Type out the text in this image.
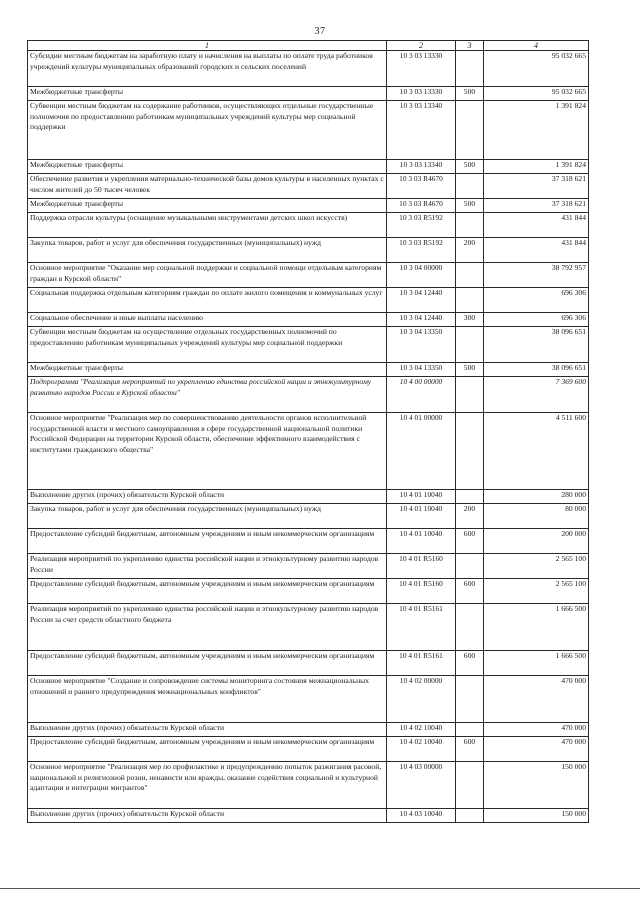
37
1	2	3	4
Субсидии местным бюджетам на заработную плату и начисления на выплаты по оплате труда работников учреждений культуры муниципальных образований городских и сельских поселений	10 3 03 13330		95 032 665
Межбюджетные трансферты	10 3 03 13330	500	95 032 665
Субвенции местным бюджетам на содержание работников, осуществляющих отдельные государственные полномочия по предоставлению работникам муниципальных учреждений культуры мер социальной поддержки	10 3 03 13340		1 391 824
Межбюджетные трансферты	10 3 03 13340	500	1 391 824
Обеспечение развития и укрепления материально-технической базы домов культуры в населенных пунктах с числом жителей до 50 тысяч человек	10 3 03 R4670		37 318 621
Межбюджетные трансферты	10 3 03 R4670	500	37 318 621
Поддержка отрасли культуры (оснащение музыкальными инструментами детских школ искусств)	10 3 03 R5192		431 844
Закупка товаров, работ и услуг для обеспечения государственных (муниципальных) нужд	10 3 03 R5192	200	431 844
Основное мероприятие "Оказание мер социальной поддержки и социальной помощи отдельным категориям граждан в Курской области"	10 3 04 00000		38 792 957
Социальная поддержка отдельным категориям граждан по оплате жилого помещения и коммунальных услуг	10 3 04 12440		696 306
Социальное обеспечение и иные выплаты населению	10 3 04 12440	300	696 306
Субвенции местным бюджетам на осуществление отдельных государственных полномочий по предоставлению работникам муниципальных учреждений культуры мер социальной поддержки	10 3 04 13350		38 096 651
Межбюджетные трансферты	10 3 04 13350	500	38 096 651
Подпрограмма "Реализация мероприятий по укреплению единства российской нации и этнокультурному развитию народов России в Курской области"	10 4 00 00000		7 369 600
Основное мероприятие "Реализация мер по совершенствованию деятельности органов исполнительной государственной власти и местного самоуправления в сфере государственной национальной политики Российской Федерации на территории Курской области, обеспечение эффективного взаимодействия с институтами гражданского общества"	10 4 01 00000		4 511 600
Выполнение других (прочих) обязательств Курской области	10 4 01 10040		280 000
Закупка товаров, работ и услуг для обеспечения государственных (муниципальных) нужд	10 4 01 10040	200	80 000
Предоставление субсидий бюджетным, автономным учреждениям и иным некоммерческим организациям	10 4 01 10040	600	200 000
Реализация мероприятий по укреплению единства российской нации и этнокультурному развитию народов России	10 4 01 R5160		2 565 100
Предоставление субсидий бюджетным, автономным учреждениям и иным некоммерческим организациям	10 4 01 R5160	600	2 565 100
Реализация мероприятий по укреплению единства российской нации и этнокультурному развитию народов России за счет средств областного бюджета	10 4 01 R5161		1 666 500
Предоставление субсидий бюджетным, автономным учреждениям и иным некоммерческим организациям	10 4 01 R5161	600	1 666 500
Основное мероприятие "Создание и сопровождение системы мониторинга состояния межнациональных отношений и раннего предупреждения межнациональных конфликтов"	10 4 02 00000		470 000
Выполнение других (прочих) обязательств Курской области	10 4 02 10040		470 000
Предоставление субсидий бюджетным, автономным учреждениям и иным некоммерческим организациям	10 4 02 10040	600	470 000
Основное мероприятие "Реализация мер по профилактике и предупреждению попыток разжигания расовой, национальной и религиозной розни, ненависти или вражды, оказание содействия социальной и культурной адаптации и интеграции мигрантов"	10 4 03 00000		150 000
Выполнение других (прочих) обязательств Курской области	10 4 03 10040		150 000
